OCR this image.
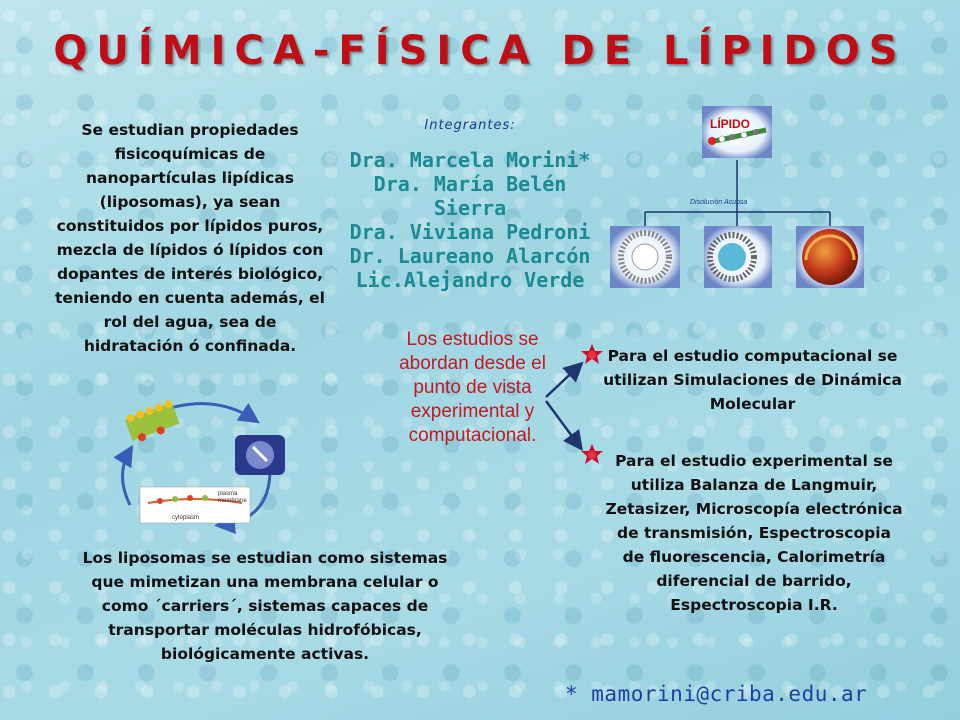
QUÍMICA-FÍSICA DE LÍPIDOS
Se estudian propiedades fisicoquímicas de nanopartículas lipídicas (liposomas), ya sean constituidos por lípidos puros, mezcla de lípidos ó lípidos con dopantes de interés biológico, teniendo en cuenta además, el rol del agua, sea de hidratación ó confinada.
Integrantes:
Dra. Marcela Morini*
Dra. María Belén
Sierra
Dra. Viviana Pedroni
Dr. Laureano Alarcón
Lic.Alejandro Verde
LÍPIDO
Disolución Acuosa
Los estudios se abordan desde el punto de vista experimental y computacional.
Para el estudio computacional se utilizan Simulaciones de Dinámica Molecular
Para el estudio experimental se utiliza Balanza de Langmuir, Zetasizer, Microscopía electrónica de transmisión, Espectroscopia de fluorescencia, Calorimetría diferencial de barrido, Espectroscopia I.R.
plasma
membrane
cytoplasm
Los liposomas se estudian como sistemas que mimetizan una membrana celular o como ´carriers´, sistemas capaces de transportar moléculas hidrofóbicas, biológicamente activas.
* mamorini@criba.edu.ar
